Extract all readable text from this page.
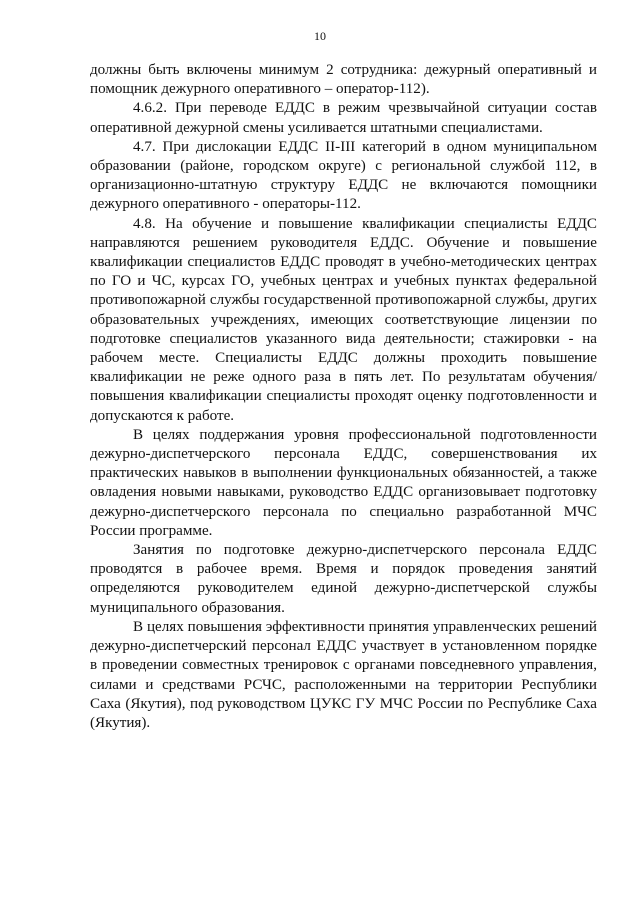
10

должны быть включены минимум 2 сотрудника: дежурный оперативный и помощник дежурного оперативного – оператор-112).

4.6.2. При переводе ЕДДС в режим чрезвычайной ситуации состав оперативной дежурной смены усиливается штатными специалистами.

4.7. При дислокации ЕДДС II-III категорий в одном муниципальном образовании (районе, городском округе) с региональной службой 112, в организационно-штатную структуру ЕДДС не включаются помощники дежурного оперативного - операторы-112.

4.8. На обучение и повышение квалификации специалисты ЕДДС направляются решением руководителя ЕДДС. Обучение и повышение квалификации специалистов ЕДДС проводят в учебно-методических центрах по ГО и ЧС, курсах ГО, учебных центрах и учебных пунктах федеральной противопожарной службы государственной противопожарной службы, других образовательных учреждениях, имеющих соответствующие лицензии по подготовке специалистов указанного вида деятельности; стажировки - на рабочем месте. Специалисты ЕДДС должны проходить повышение квалификации не реже одного раза в пять лет. По результатам обучения/повышения квалификации специалисты проходят оценку подготовленности и допускаются к работе.

В целях поддержания уровня профессиональной подготовленности дежурно-диспетчерского персонала ЕДДС, совершенствования их практических навыков в выполнении функциональных обязанностей, а также овладения новыми навыками, руководство ЕДДС организовывает подготовку дежурно-диспетчерского персонала по специально разработанной МЧС России программе.

Занятия по подготовке дежурно-диспетчерского персонала ЕДДС проводятся в рабочее время. Время и порядок проведения занятий определяются руководителем единой дежурно-диспетчерской службы муниципального образования.

В целях повышения эффективности принятия управленческих решений дежурно-диспетчерский персонал ЕДДС участвует в установленном порядке в проведении совместных тренировок с органами повседневного управления, силами и средствами РСЧС, расположенными на территории Республики Саха (Якутия), под руководством ЦУКС ГУ МЧС России по Республике Саха (Якутия).
